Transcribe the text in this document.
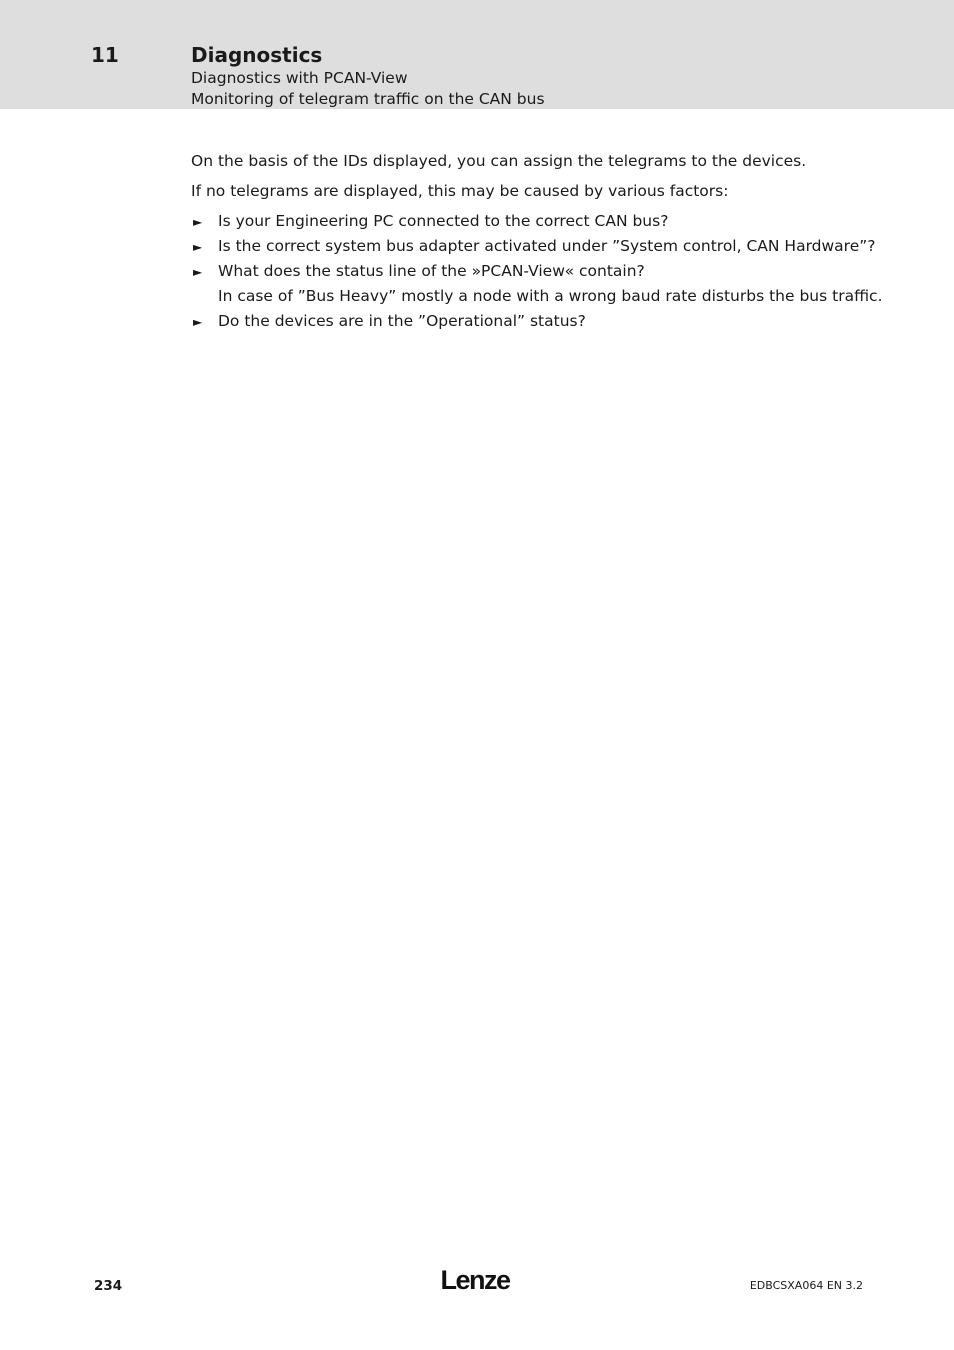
11	Diagnostics
Diagnostics with PCAN-View
Monitoring of telegram traffic on the CAN bus
On the basis of the IDs displayed, you can assign the telegrams to the devices.
If no telegrams are displayed, this may be caused by various factors:
► Is your Engineering PC connected to the correct CAN bus?
► Is the correct system bus adapter activated under ”System control, CAN Hardware”?
► What does the status line of the »PCAN-View« contain?
In case of ”Bus Heavy” mostly a node with a wrong baud rate disturbs the bus traffic.
► Do the devices are in the ”Operational” status?
234	Lenze	EDBCSXA064 EN 3.2
